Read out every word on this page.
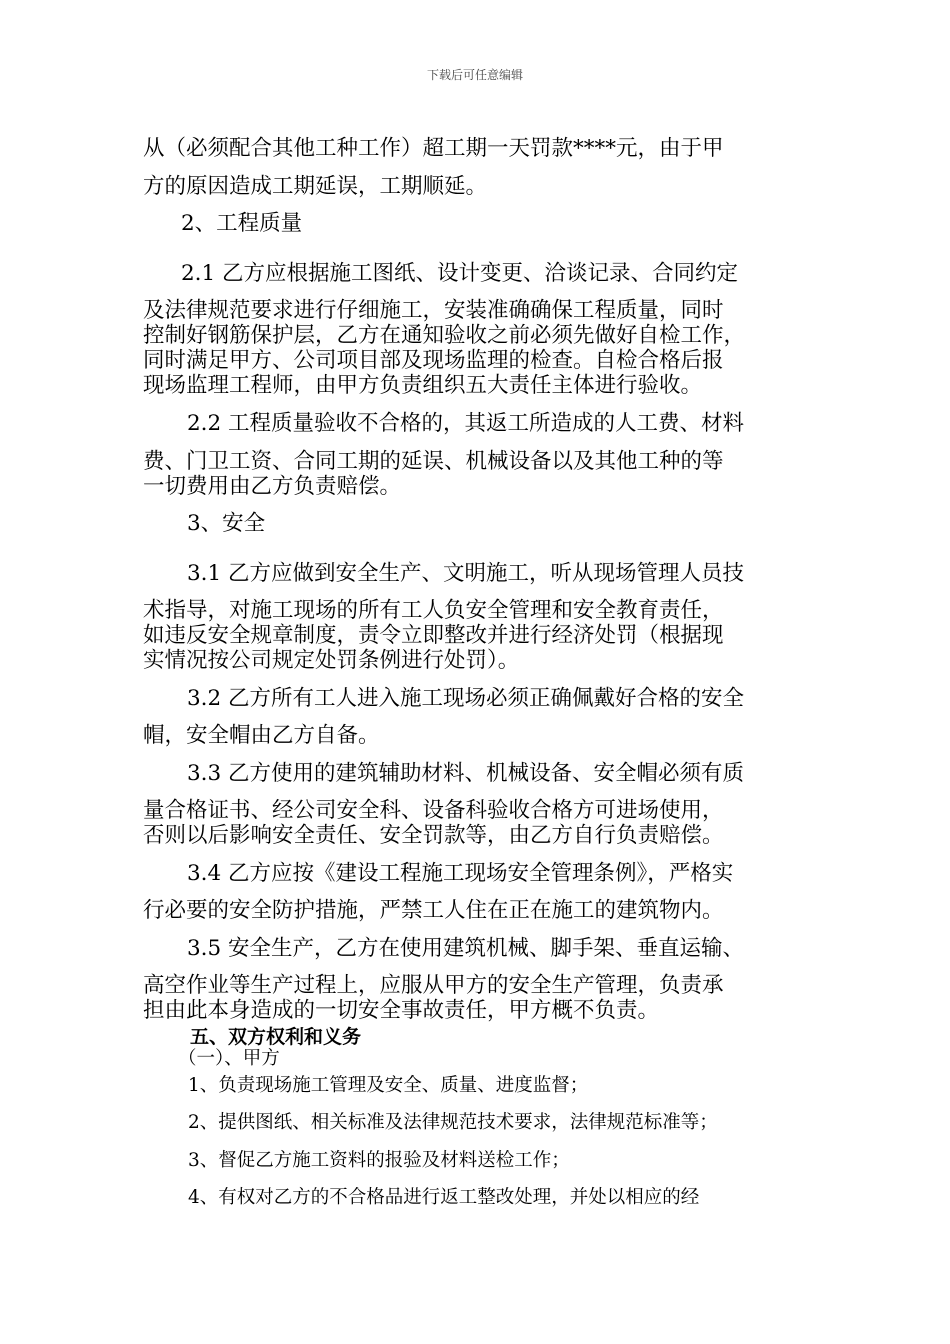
下载后可任意编辑
从（必须配合其他工种工作）超工期一天罚款****元，由于甲
方的原因造成工期延误，工期顺延。
2、工程质量
2.1 乙方应根据施工图纸、设计变更、洽谈记录、合同约定
及法律规范要求进行仔细施工，安装准确确保工程质量，同时
控制好钢筋保护层，乙方在通知验收之前必须先做好自检工作，
同时满足甲方、公司项目部及现场监理的检查。自检合格后报
现场监理工程师，由甲方负责组织五大责任主体进行验收。
2.2 工程质量验收不合格的，其返工所造成的人工费、材料
费、门卫工资、合同工期的延误、机械设备以及其他工种的等
一切费用由乙方负责赔偿。
3、安全
3.1 乙方应做到安全生产、文明施工，听从现场管理人员技
术指导，对施工现场的所有工人负安全管理和安全教育责任，
如违反安全规章制度，责令立即整改并进行经济处罚（根据现
实情况按公司规定处罚条例进行处罚）。
3.2 乙方所有工人进入施工现场必须正确佩戴好合格的安全
帽，安全帽由乙方自备。
3.3 乙方使用的建筑辅助材料、机械设备、安全帽必须有质
量合格证书、经公司安全科、设备科验收合格方可进场使用，
否则以后影响安全责任、安全罚款等，由乙方自行负责赔偿。
3.4 乙方应按《建设工程施工现场安全管理条例》，严格实
行必要的安全防护措施，严禁工人住在正在施工的建筑物内。
3.5 安全生产，乙方在使用建筑机械、脚手架、垂直运输、
高空作业等生产过程上，应服从甲方的安全生产管理，负责承
担由此本身造成的一切安全事故责任，甲方概不负责。
五、双方权利和义务
（一）、甲方
1、负责现场施工管理及安全、质量、进度监督；
2、提供图纸、相关标准及法律规范技术要求，法律规范标准等；
3、督促乙方施工资料的报验及材料送检工作；
4、有权对乙方的不合格品进行返工整改处理，并处以相应的经
